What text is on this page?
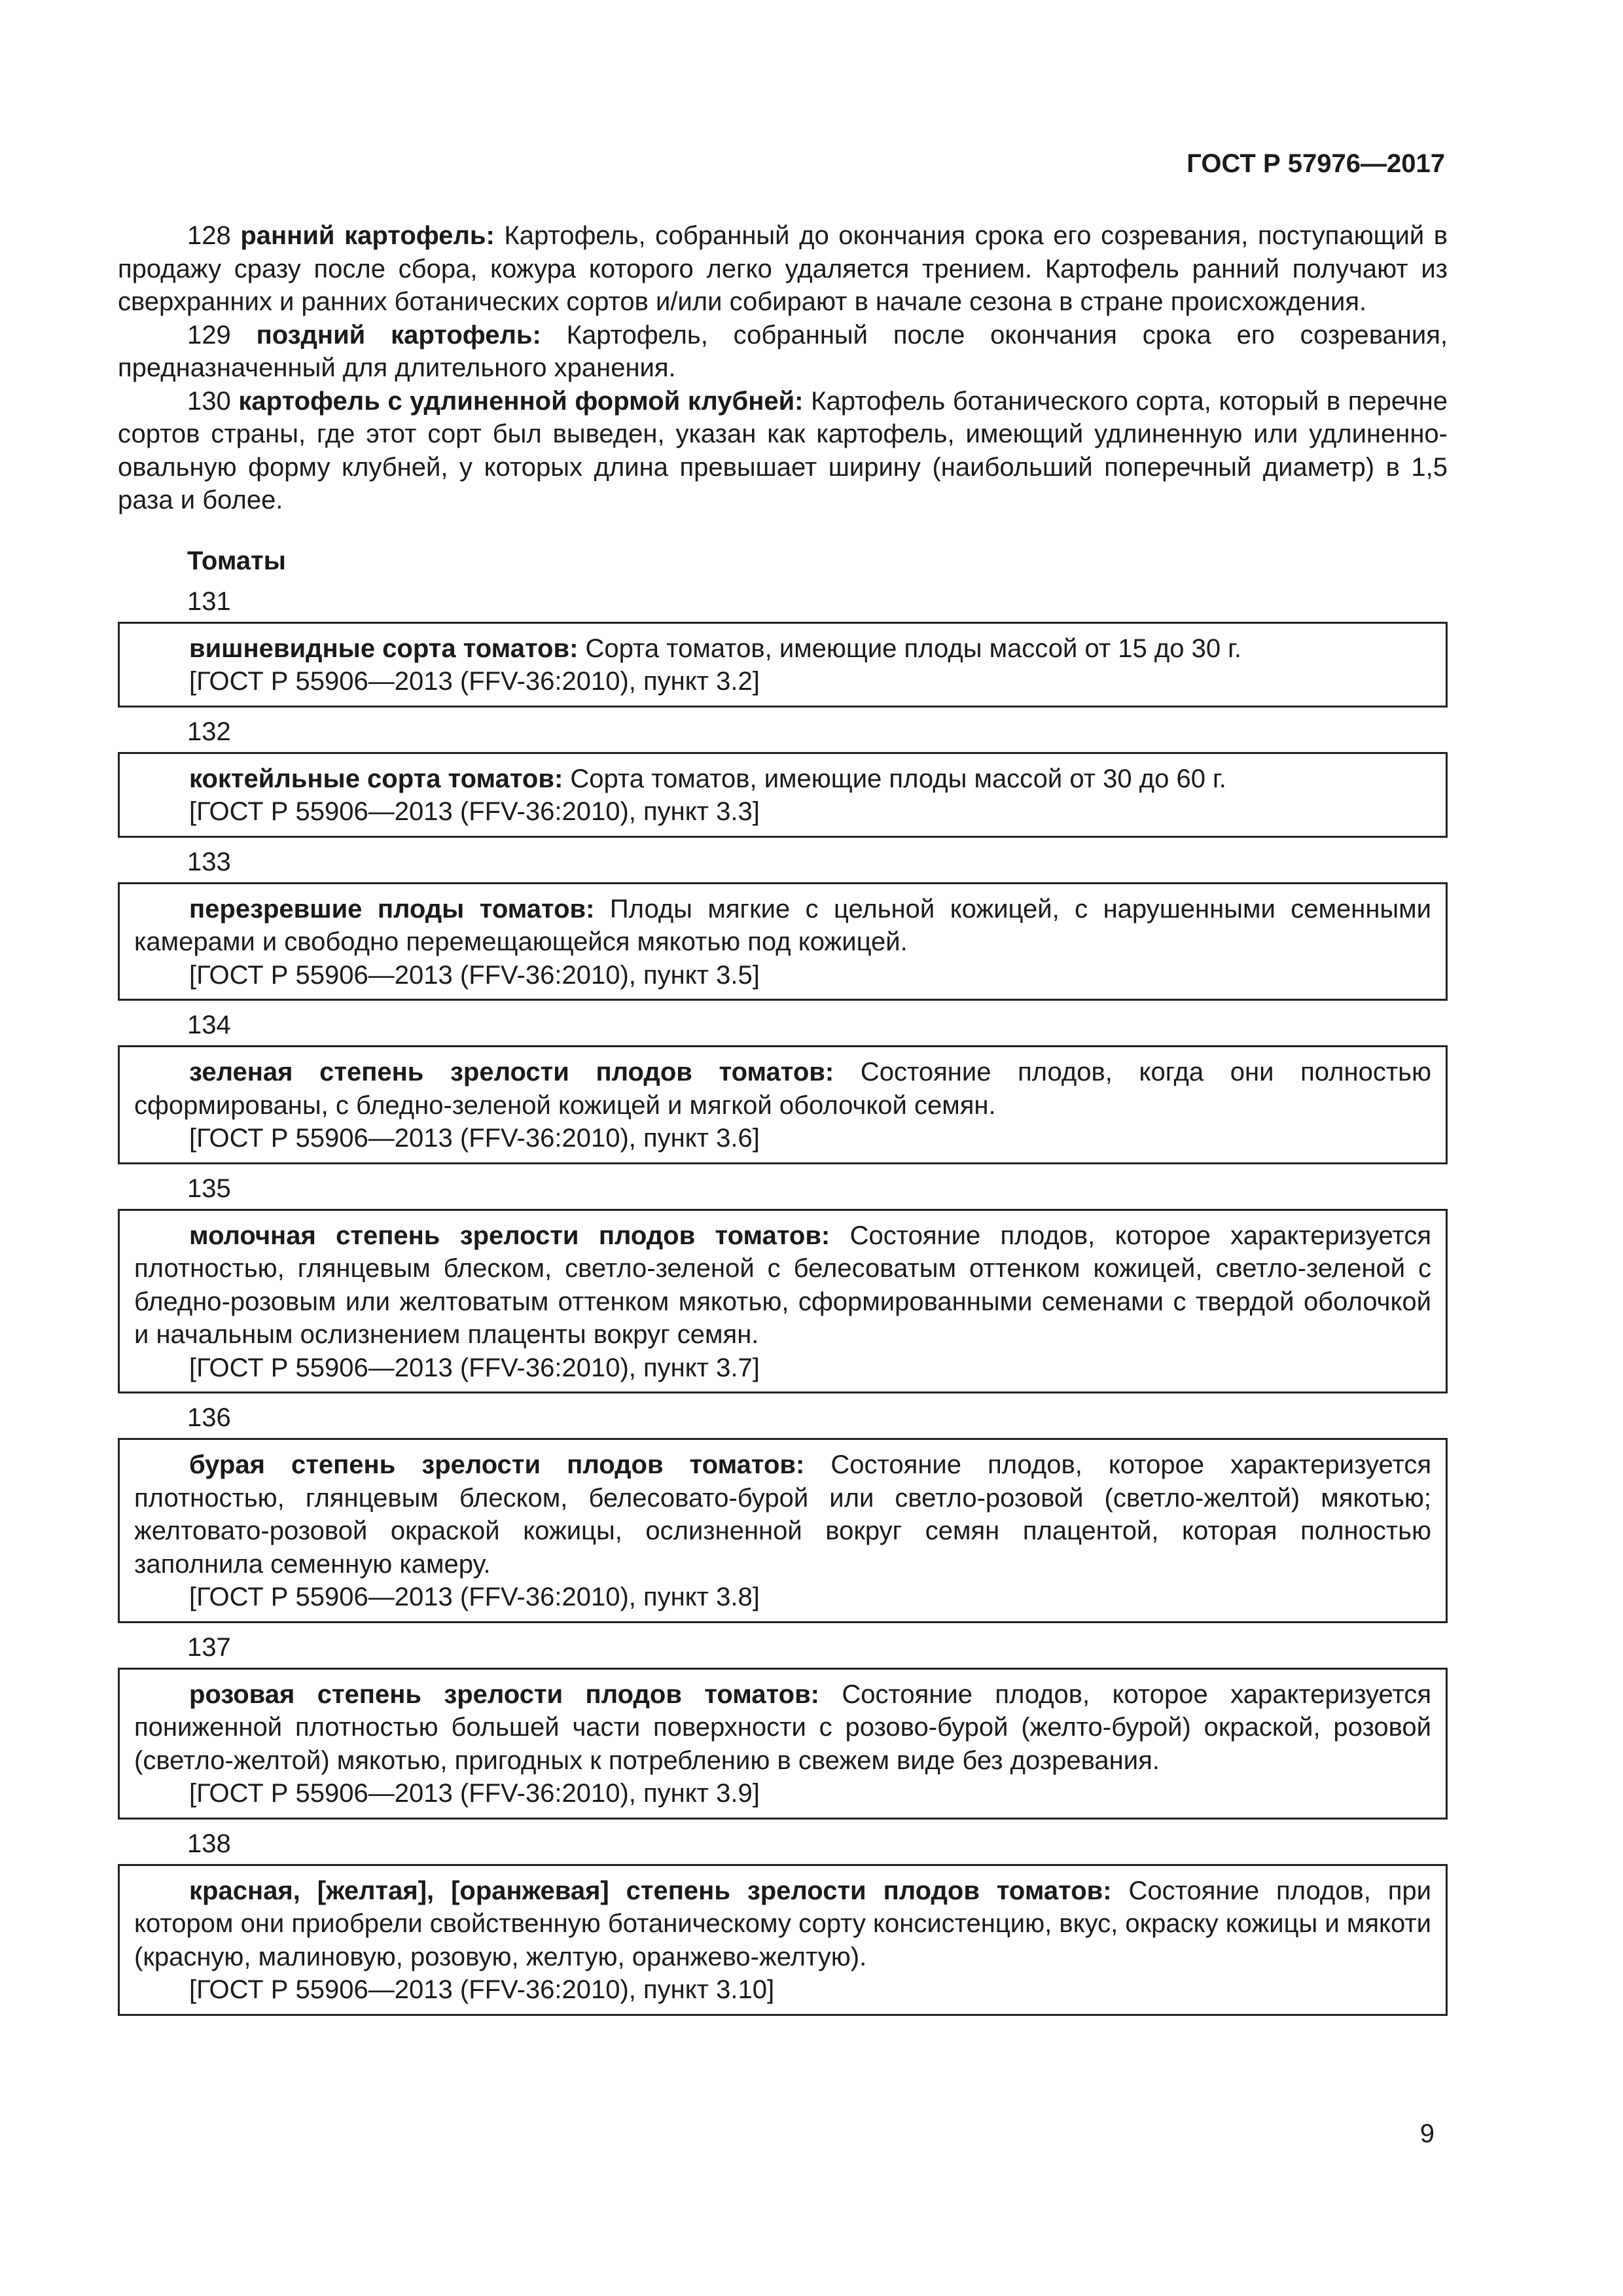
ГОСТ Р 57976—2017

128 ранний картофель: Картофель, собранный до окончания срока его созревания, поступающий в продажу сразу после сбора, кожура которого легко удаляется трением. Картофель ранний получают из сверхранних и ранних ботанических сортов и/или собирают в начале сезона в стране происхождения.

129 поздний картофель: Картофель, собранный после окончания срока его созревания, предназначенный для длительного хранения.

130 картофель с удлиненной формой клубней: Картофель ботанического сорта, который в перечне сортов страны, где этот сорт был выведен, указан как картофель, имеющий удлиненную или удлиненно-овальную форму клубней, у которых длина превышает ширину (наибольший поперечный диаметр) в 1,5 раза и более.

Томаты
131

вишневидные сорта томатов: Сорта томатов, имеющие плоды массой от 15 до 30 г.

[ГОСТ Р 55906—2013 (FFV-36:2010), пункт 3.2]

132

коктейльные сорта томатов: Сорта томатов, имеющие плоды массой от 30 до 60 г.

[ГОСТ Р 55906—2013 (FFV-36:2010), пункт 3.3]

133

перезревшие плоды томатов: Плоды мягкие с цельной кожицей, с нарушенными семенными камерами и свободно перемещающейся мякотью под кожицей.

[ГОСТ Р 55906—2013 (FFV-36:2010), пункт 3.5]

134

зеленая степень зрелости плодов томатов: Состояние плодов, когда они полностью сформированы, с бледно-зеленой кожицей и мягкой оболочкой семян.

[ГОСТ Р 55906—2013 (FFV-36:2010), пункт 3.6]

135

молочная степень зрелости плодов томатов: Состояние плодов, которое характеризуется плотностью, глянцевым блеском, светло-зеленой с белесоватым оттенком кожицей, светло-зеленой с бледно-розовым или желтоватым оттенком мякотью, сформированными семенами с твердой оболочкой и начальным ослизнением плаценты вокруг семян.

[ГОСТ Р 55906—2013 (FFV-36:2010), пункт 3.7]

136

бурая степень зрелости плодов томатов: Состояние плодов, которое характеризуется плотностью, глянцевым блеском, белесовато-бурой или светло-розовой (светло-желтой) мякотью; желтовато-розовой окраской кожицы, ослизненной вокруг семян плацентой, которая полностью заполнила семенную камеру.

[ГОСТ Р 55906—2013 (FFV-36:2010), пункт 3.8]

137

розовая степень зрелости плодов томатов: Состояние плодов, которое характеризуется пониженной плотностью большей части поверхности с розово-бурой (желто-бурой) окраской, розовой (светло-желтой) мякотью, пригодных к потреблению в свежем виде без дозревания.

[ГОСТ Р 55906—2013 (FFV-36:2010), пункт 3.9]

138

красная, [желтая], [оранжевая] степень зрелости плодов томатов: Состояние плодов, при котором они приобрели свойственную ботаническому сорту консистенцию, вкус, окраску кожицы и мякоти (красную, малиновую, розовую, желтую, оранжево-желтую).

[ГОСТ Р 55906—2013 (FFV-36:2010), пункт 3.10]

9
